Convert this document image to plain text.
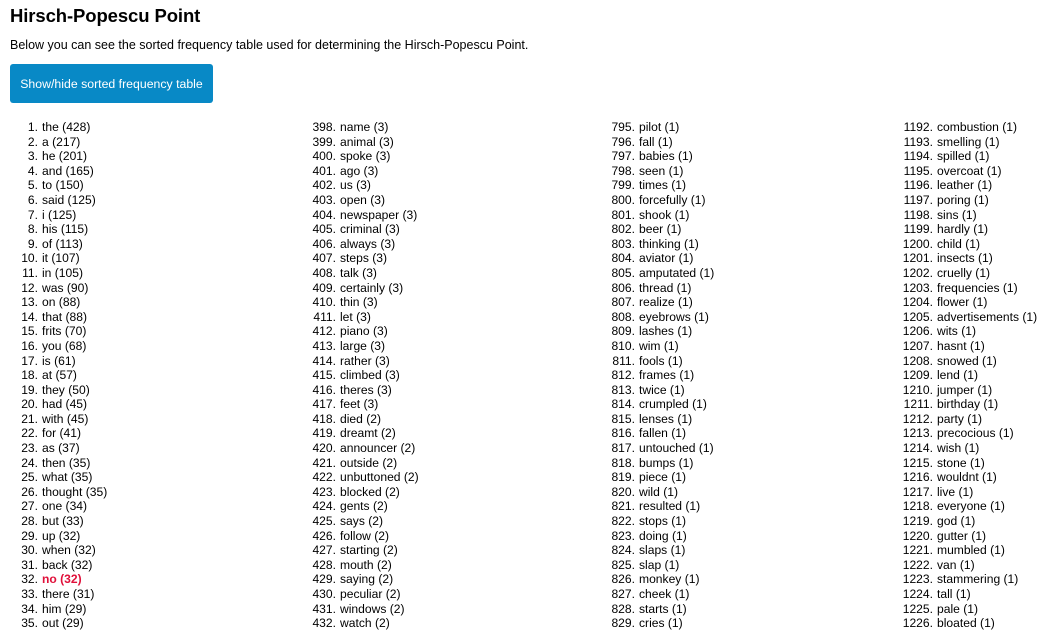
Hirsch-Popescu Point

Below you can see the sorted frequency table used for determining the Hirsch-Popescu Point.

Show/hide sorted frequency table
1. the (428)
2. a (217)
3. he (201)
4. and (165)
5. to (150)
6. said (125)
7. i (125)
8. his (115)
9. of (113)
10. it (107)
11. in (105)
12. was (90)
13. on (88)
14. that (88)
15. frits (70)
16. you (68)
17. is (61)
18. at (57)
19. they (50)
20. had (45)
21. with (45)
22. for (41)
23. as (37)
24. then (35)
25. what (35)
26. thought (35)
27. one (34)
28. but (33)
29. up (32)
30. when (32)
31. back (32)
32. no (32)
33. there (31)
34. him (29)
35. out (29)
398. name (3)
399. animal (3)
400. spoke (3)
401. ago (3)
402. us (3)
403. open (3)
404. newspaper (3)
405. criminal (3)
406. always (3)
407. steps (3)
408. talk (3)
409. certainly (3)
410. thin (3)
411. let (3)
412. piano (3)
413. large (3)
414. rather (3)
415. climbed (3)
416. theres (3)
417. feet (3)
418. died (2)
419. dreamt (2)
420. announcer (2)
421. outside (2)
422. unbuttoned (2)
423. blocked (2)
424. gents (2)
425. says (2)
426. follow (2)
427. starting (2)
428. mouth (2)
429. saying (2)
430. peculiar (2)
431. windows (2)
432. watch (2)
795. pilot (1)
796. fall (1)
797. babies (1)
798. seen (1)
799. times (1)
800. forcefully (1)
801. shook (1)
802. beer (1)
803. thinking (1)
804. aviator (1)
805. amputated (1)
806. thread (1)
807. realize (1)
808. eyebrows (1)
809. lashes (1)
810. wim (1)
811. fools (1)
812. frames (1)
813. twice (1)
814. crumpled (1)
815. lenses (1)
816. fallen (1)
817. untouched (1)
818. bumps (1)
819. piece (1)
820. wild (1)
821. resulted (1)
822. stops (1)
823. doing (1)
824. slaps (1)
825. slap (1)
826. monkey (1)
827. cheek (1)
828. starts (1)
829. cries (1)
1192. combustion (1)
1193. smelling (1)
1194. spilled (1)
1195. overcoat (1)
1196. leather (1)
1197. poring (1)
1198. sins (1)
1199. hardly (1)
1200. child (1)
1201. insects (1)
1202. cruelly (1)
1203. frequencies (1)
1204. flower (1)
1205. advertisements (1)
1206. wits (1)
1207. hasnt (1)
1208. snowed (1)
1209. lend (1)
1210. jumper (1)
1211. birthday (1)
1212. party (1)
1213. precocious (1)
1214. wish (1)
1215. stone (1)
1216. wouldnt (1)
1217. live (1)
1218. everyone (1)
1219. god (1)
1220. gutter (1)
1221. mumbled (1)
1222. van (1)
1223. stammering (1)
1224. tall (1)
1225. pale (1)
1226. bloated (1)
